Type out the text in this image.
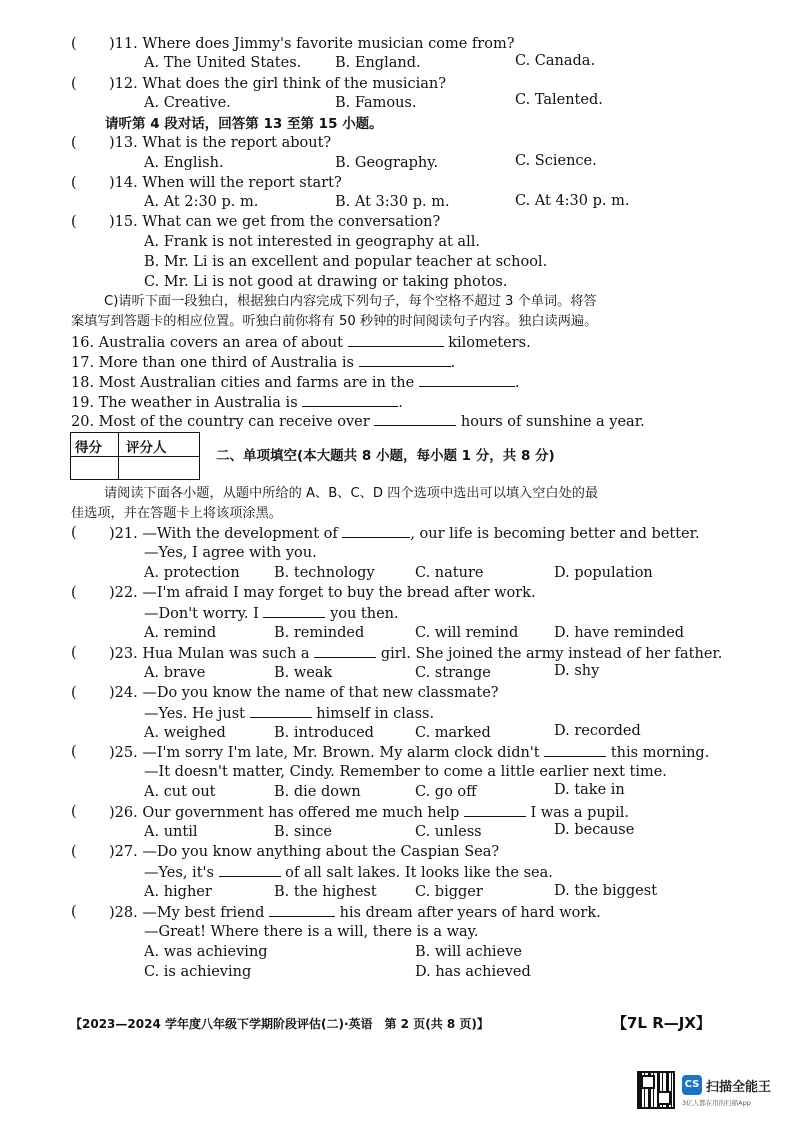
( )11. Where does Jimmy's favorite musician come from?
A. The United States. B. England.	C. Canada.
( )12. What does the girl think of the musician?
A. Creative.	B. Famous.	C. Talented.
请听第 4 段对话，回答第 13 至第 15 小题。
( )13. What is the report about?
A. English.	B. Geography.	C. Science.
( )14. When will the report start?
A. At 2:30 p. m.	B. At 3:30 p. m.	C. At 4:30 p. m.
( )15. What can we get from the conversation?
A. Frank is not interested in geography at all.
B. Mr. Li is an excellent and popular teacher at school.
C. Mr. Li is not good at drawing or taking photos.
C)请听下面一段独白，根据独白内容完成下列句子，每个空格不超过 3 个单词。将答
案填写到答题卡的相应位置。听独白前你将有 50 秒钟的时间阅读句子内容。独白读两遍。
16. Australia covers an area of about	kilometers.
17. More than one third of Australia is	.
18. Most Australian cities and farms are in the	.
19. The weather in Australia is	.
20. Most of the country can receive over	hours of sunshine a year.
得分 评分人	二、单项填空(本大题共 8 小题，每小题 1 分，共 8 分)
请阅读下面各小题，从题中所给的 A、B、C、D 四个选项中选出可以填入空白处的最
佳选项，并在答题卡上将该项涂黑。
( )21. —With the development of	, our life is becoming better and better.
—Yes, I agree with you.
A. protection B. technology	C. nature	D. population
( )22. —I'm afraid I may forget to buy the bread after work.
—Don't worry. I	you then.
A. remind	B. reminded	C. will remind D. have reminded
( )23. Hua Mulan was such a	girl. She joined the army instead of her father.
A. brave	B. weak	C. strange	D. shy
( )24. —Do you know the name of that new classmate?
—Yes. He just	himself in class.
A. weighed	B. introduced	C. marked	D. recorded
( )25. —I'm sorry I'm late, Mr. Brown. My alarm clock didn't	this morning.
—It doesn't matter, Cindy. Remember to come a little earlier next time.
A. cut out	B. die down	C. go off	D. take in
( )26. Our government has offered me much help	I was a pupil.
A. until	B. since	C. unless	D. because
( )27. —Do you know anything about the Caspian Sea?
—Yes, it's	of all salt lakes. It looks like the sea.
A. higher	B. the highest	C. bigger	D. the biggest
( )28. —My best friend	his dream after years of hard work.
—Great! Where there is a will, there is a way.
A. was achieving	B. will achieve
C. is achieving	D. has achieved
【2023—2024 学年度八年级下学期阶段评估(二)·英语　第 2 页(共 8 页)】	【7L R—JX】
CS 扫描全能王
3亿人都在用的扫描App
